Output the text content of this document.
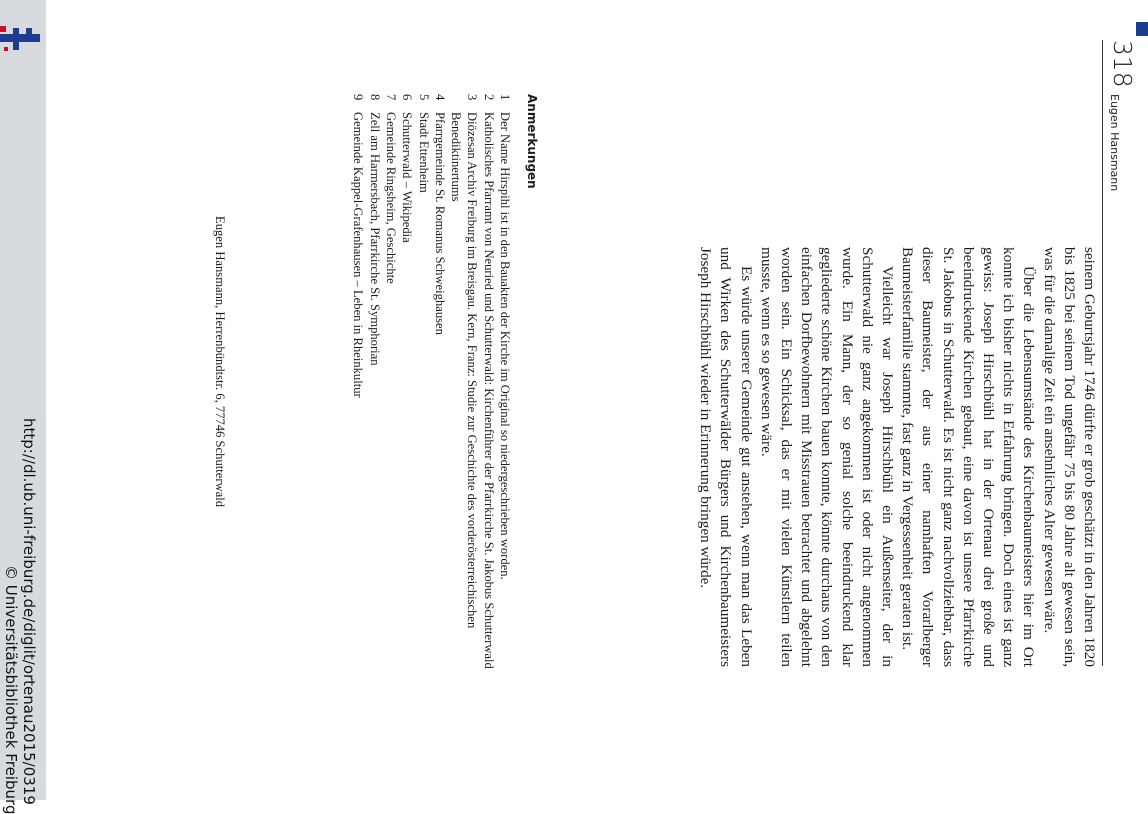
http://dl.ub.uni-freiburg.de/diglit/ortenau2015/0319
© Universitätsbibliothek Freiburg
318
Eugen Hansmann

seinem Geburtsjahr 1746 dürfte er grob geschätzt in den Jahren 1820 bis 1825 bei seinem Tod ungefähr 75 bis 80 Jahre alt gewesen sein, was für die damalige Zeit ein ansehnliches Alter gewesen wäre.

Über die Lebensumstände des Kirchenbaumeisters hier im Ort konnte ich bisher nichts in Erfahrung bringen. Doch eines ist ganz gewiss: Joseph Hirschbühl hat in der Ortenau drei große und beeindruckende Kirchen gebaut, eine davon ist unsere Pfarrkirche St. Jakobus in Schutterwald. Es ist nicht ganz nachvollziehbar, dass dieser Baumeister, der aus einer namhaften Vorarlberger Baumeisterfamilie stammte, fast ganz in Vergessenheit geraten ist.

Vielleicht war Joseph Hirschbühl ein Außenseiter, der in Schutterwald nie ganz angekommen ist oder nicht angenommen wurde. Ein Mann, der so genial solche beeindruckend klar gegliederte schöne Kirchen bauen konnte, könnte durchaus von den einfachen Dorfbewohnern mit Misstrauen betrachtet und abgelehnt worden sein. Ein Schicksal, das er mit vielen Künstlern teilen musste, wenn es so gewesen wäre.

Es würde unserer Gemeinde gut anstehen, wenn man das Leben und Wirken des Schutterwälder Bürgers und Kirchenbaumeisters Joseph Hirschbühl wieder in Erinnerung bringen würde.

Anmerkungen
1
Der Name Hirspihl ist in den Bauakten der Kirche im Original so niedergeschrieben worden.
2
Katholisches Pfarramt von Neuried und Schutterwald: Kirchenführer der Pfarrkirche St. Jakobus Schutterwald
3
Diözesan Archiv Freiburg im Breisgau. Kern, Franz: Studie zur Geschichte des vorderösterreichischen Benediktinertums
4
Pfarrgemeinde St. Romanus Schweighausen
5
Stadt Ettenheim
6
Schutterwald – Wikipedia
7
Gemeinde Ringsheim, Geschichte
8
Zell am Harmersbach, Pfarrkirche St. Symphorian
9
Gemeinde Kappel-Grafenhausen – Leben in Rheinkultur
Eugen Hansmann, Herrenbündtstr. 6, 77746 Schutterwald
